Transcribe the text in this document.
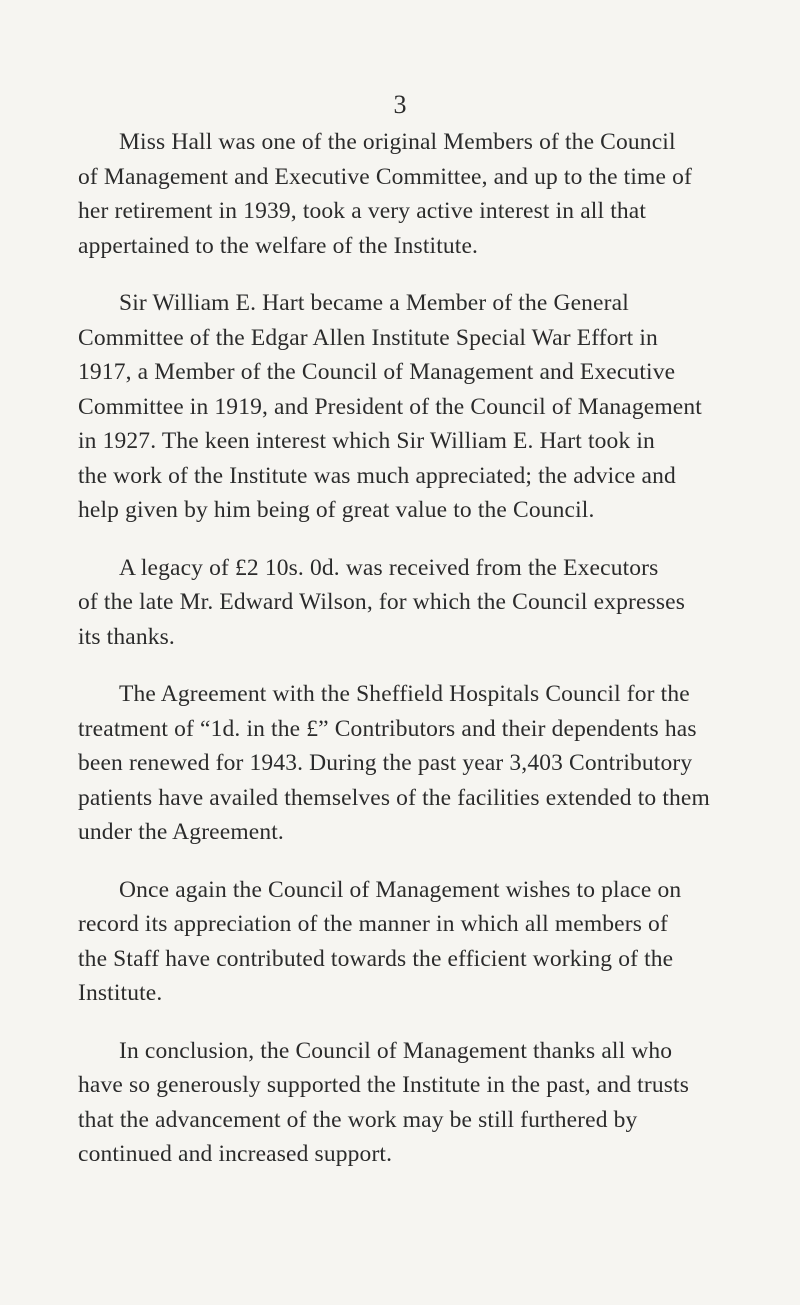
3

Miss Hall was one of the original Members of the Council
of Management and Executive Committee, and up to the time of
her retirement in 1939, took a very active interest in all that
appertained to the welfare of the Institute.

Sir William E. Hart became a Member of the General
Committee of the Edgar Allen Institute Special War Effort in
1917, a Member of the Council of Management and Executive
Committee in 1919, and President of the Council of Management
in 1927. The keen interest which Sir William E. Hart took in
the work of the Institute was much appreciated; the advice and
help given by him being of great value to the Council.

A legacy of £2 10s. 0d. was received from the Executors
of the late Mr. Edward Wilson, for which the Council expresses
its thanks.

The Agreement with the Sheffield Hospitals Council for the
treatment of “1d. in the £” Contributors and their dependents has
been renewed for 1943. During the past year 3,403 Contributory
patients have availed themselves of the facilities extended to them
under the Agreement.

Once again the Council of Management wishes to place on
record its appreciation of the manner in which all members of
the Staff have contributed towards the efficient working of the
Institute.

In conclusion, the Council of Management thanks all who
have so generously supported the Institute in the past, and trusts
that the advancement of the work may be still furthered by
continued and increased support.
